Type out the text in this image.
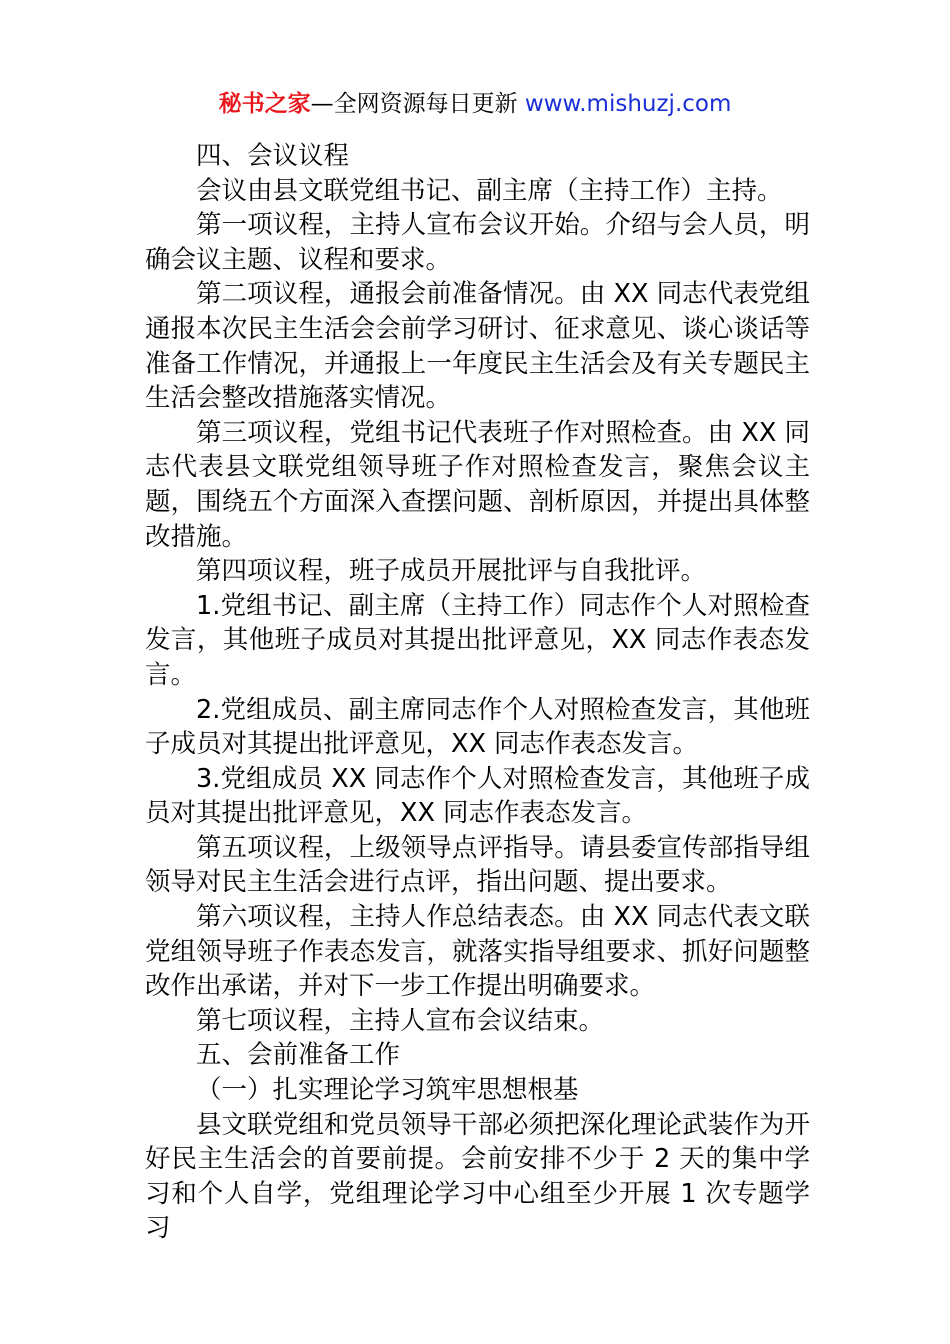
秘书之家—全网资源每日更新 www.mishuzj.com

四、会议议程

会议由县文联党组书记、副主席（主持工作）主持。

第一项议程，主持人宣布会议开始。介绍与会人员，明确会议主题、议程和要求。

第二项议程，通报会前准备情况。由 XX 同志代表党组通报本次民主生活会会前学习研讨、征求意见、谈心谈话等准备工作情况，并通报上一年度民主生活会及有关专题民主生活会整改措施落实情况。

第三项议程，党组书记代表班子作对照检查。由 XX 同志代表县文联党组领导班子作对照检查发言，聚焦会议主题，围绕五个方面深入查摆问题、剖析原因，并提出具体整改措施。

第四项议程，班子成员开展批评与自我批评。

1.党组书记、副主席（主持工作）同志作个人对照检查发言，其他班子成员对其提出批评意见，XX 同志作表态发言。

2.党组成员、副主席同志作个人对照检查发言，其他班子成员对其提出批评意见，XX 同志作表态发言。

3.党组成员 XX 同志作个人对照检查发言，其他班子成员对其提出批评意见，XX 同志作表态发言。

第五项议程，上级领导点评指导。请县委宣传部指导组领导对民主生活会进行点评，指出问题、提出要求。

第六项议程，主持人作总结表态。由 XX 同志代表文联党组领导班子作表态发言，就落实指导组要求、抓好问题整改作出承诺，并对下一步工作提出明确要求。

第七项议程，主持人宣布会议结束。

五、会前准备工作

（一）扎实理论学习筑牢思想根基

县文联党组和党员领导干部必须把深化理论武装作为开好民主生活会的首要前提。会前安排不少于 2 天的集中学习和个人自学，党组理论学习中心组至少开展 1 次专题学习
